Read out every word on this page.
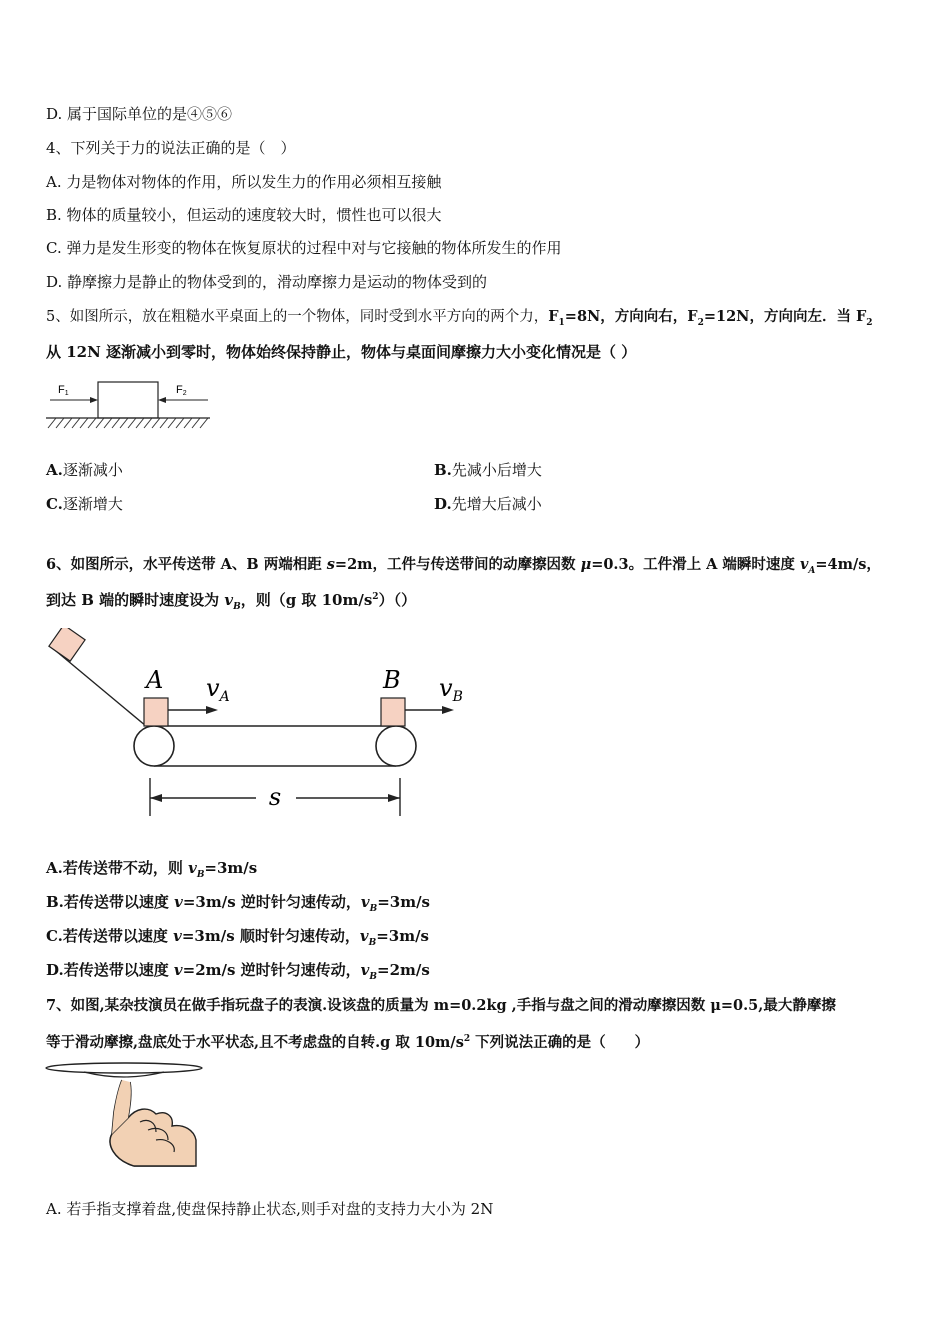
D. 属于国际单位的是④⑤⑥
4、下列关于力的说法正确的是（　）
A. 力是物体对物体的作用，所以发生力的作用必须相互接触
B. 物体的质量较小，但运动的速度较大时，惯性也可以很大
C. 弹力是发生形变的物体在恢复原状的过程中对与它接触的物体所发生的作用
D. 静摩擦力是静止的物体受到的，滑动摩擦力是运动的物体受到的
5、如图所示，放在粗糙水平桌面上的一个物体，同时受到水平方向的两个力，$F_1=8N$，方向向右，$F_2=12N$，方向向左．当 $F_2$
从 12N 逐渐减小到零时，物体始终保持静止，物体与桌面间摩擦力大小变化情况是（ ）
F1	F2
A.逐渐减小	B.先减小后增大
C.逐渐增大	D.先增大后减小
6、如图所示，水平传送带 A、B 两端相距 s=2m，工件与传送带间的动摩擦因数 μ=0.3。工件滑上 A 端瞬时速度 $v_A=4m/s$，
到达 B 端的瞬时速度设为 $v_B$，则（g 取 $10m/s^2)()$
A	B
$v_A$	$v_B$
s
A.若传送带不动，则 $v_B=3m/s$
B.若传送带以速度 v=3m/s 逆时针匀速传动，$v_B=3m/s$
C.若传送带以速度 v=3m/s 顺时针匀速传动，$v_B=3m/s$
D.若传送带以速度 v=2m/s 逆时针匀速传动，$v_B=2m/s$
7、如图,某杂技演员在做手指玩盘子的表演.设该盘的质量为 m=0.2kg ,手指与盘之间的滑动摩擦因数 μ=0.5,最大静摩擦
等于滑动摩擦,盘底处于水平状态,且不考虑盘的自转.g 取 $10m/s^2$ 下列说法正确的是（　　）
A. 若手指支撑着盘,使盘保持静止状态,则手对盘的支持力大小为 2N
